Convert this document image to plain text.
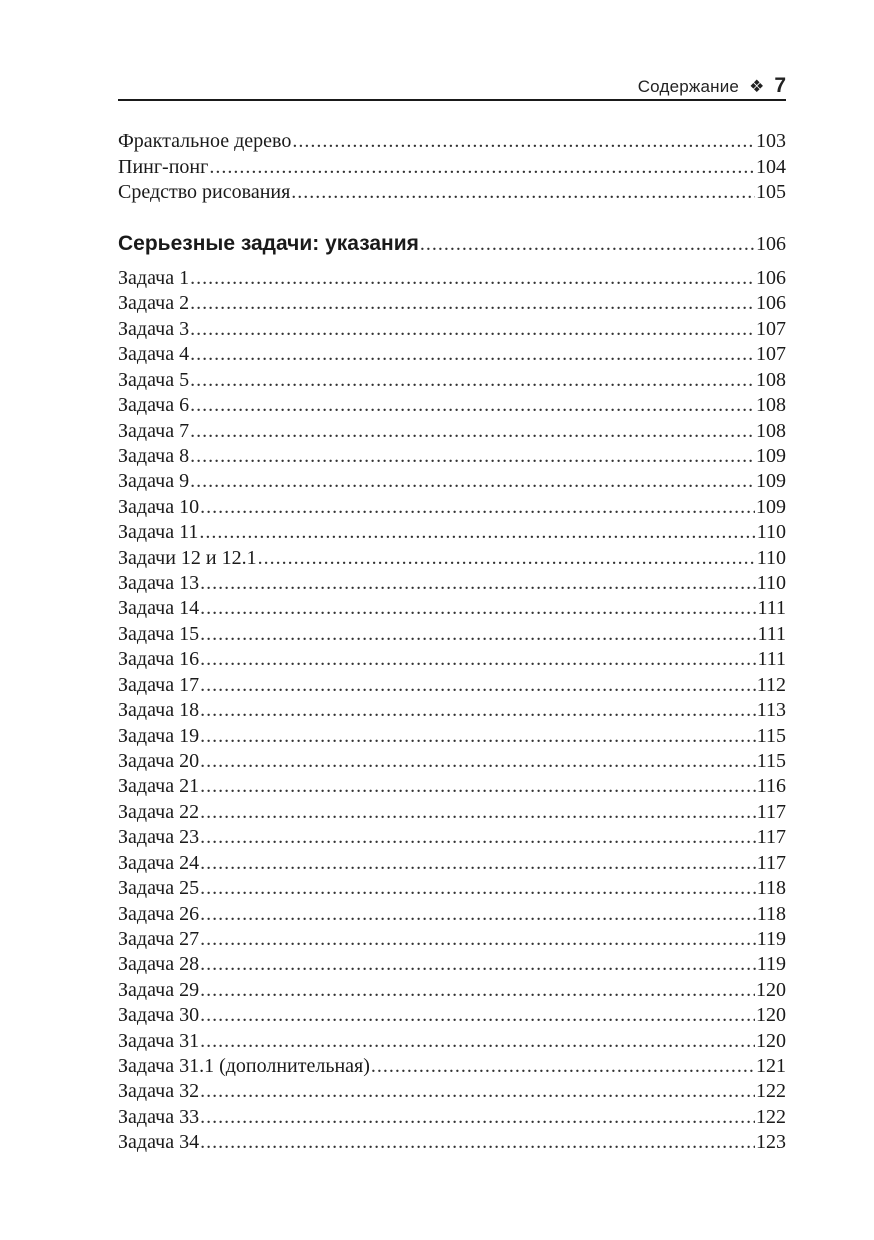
Содержание ❖ 7
Фрактальное дерево .....	103
Пинг-понг .....	104
Средство рисования .....	105
Серьезные задачи: указания .....	106
Задача 1 .....	106
Задача 2 .....	106
Задача 3 .....	107
Задача 4 .....	107
Задача 5 .....	108
Задача 6 .....	108
Задача 7 .....	108
Задача 8 .....	109
Задача 9 .....	109
Задача 10 .....	109
Задача 11 .....	110
Задачи 12 и 12.1 .....	110
Задача 13 .....	110
Задача 14 .....	111
Задача 15 .....	111
Задача 16 .....	111
Задача 17 .....	112
Задача 18 .....	113
Задача 19 .....	115
Задача 20 .....	115
Задача 21 .....	116
Задача 22 .....	117
Задача 23 .....	117
Задача 24 .....	117
Задача 25 .....	118
Задача 26 .....	118
Задача 27 .....	119
Задача 28 .....	119
Задача 29 .....	120
Задача 30 .....	120
Задача 31 .....	120
Задача 31.1 (дополнительная) .....	121
Задача 32 .....	122
Задача 33 .....	122
Задача 34 .....	123
